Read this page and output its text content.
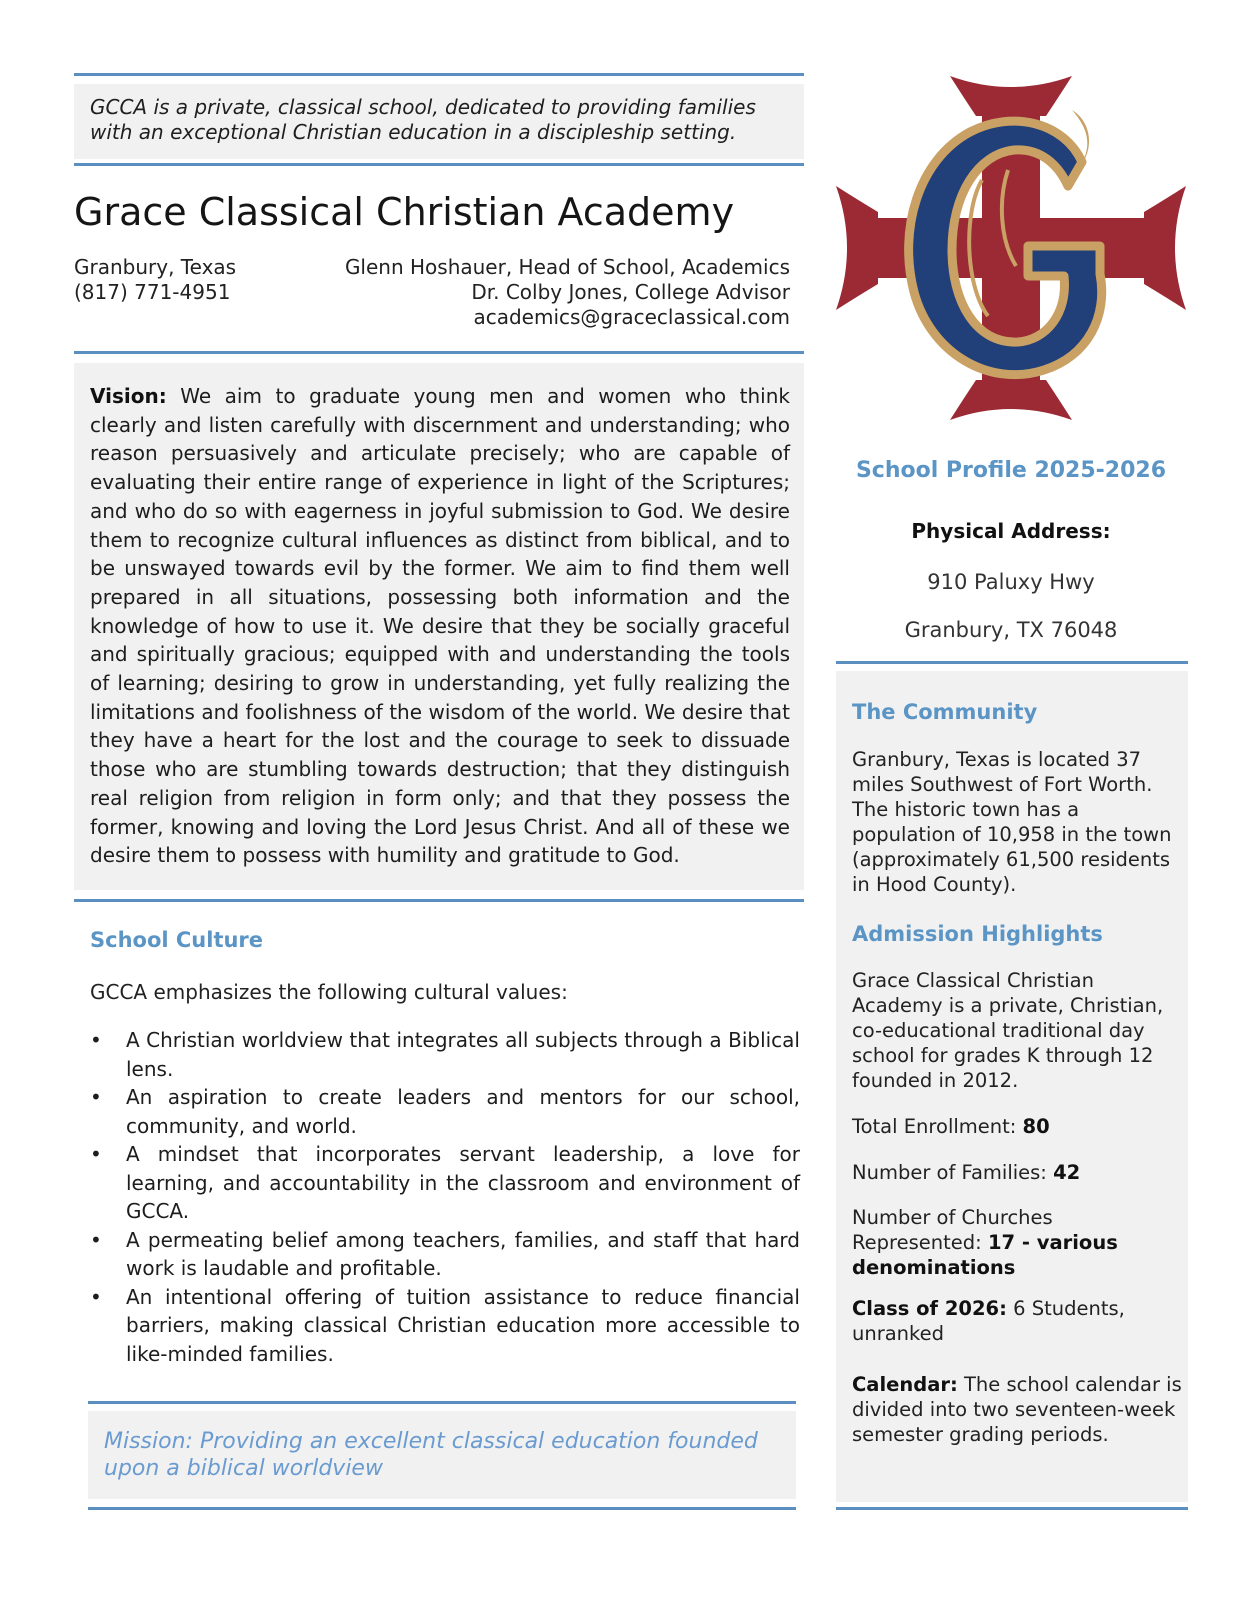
GCCA is a private, classical school, dedicated to providing families with an exceptional Christian education in a discipleship setting.
Grace Classical Christian Academy
Granbury, Texas
(817) 771-4951
Glenn Hoshauer, Head of School, Academics
Dr. Colby Jones, College Advisor
academics@graceclassical.com
Vision: We aim to graduate young men and women who think clearly and listen carefully with discernment and understanding; who reason persuasively and articulate precisely; who are capable of evaluating their entire range of experience in light of the Scriptures; and who do so with eagerness in joyful submission to God. We desire them to recognize cultural influences as distinct from biblical, and to be unswayed towards evil by the former. We aim to find them well prepared in all situations, possessing both information and the knowledge of how to use it. We desire that they be socially graceful and spiritually gracious; equipped with and understanding the tools of learning; desiring to grow in understanding, yet fully realizing the limitations and foolishness of the wisdom of the world. We desire that they have a heart for the lost and the courage to seek to dissuade those who are stumbling towards destruction; that they distinguish real religion from religion in form only; and that they possess the former, knowing and loving the Lord Jesus Christ. And all of these we desire them to possess with humility and gratitude to God.
School Culture
GCCA emphasizes the following cultural values:
• A Christian worldview that integrates all subjects through a Biblical lens.
• An aspiration to create leaders and mentors for our school, community, and world.
• A mindset that incorporates servant leadership, a love for learning, and accountability in the classroom and environment of GCCA.
• A permeating belief among teachers, families, and staff that hard work is laudable and profitable.
• An intentional offering of tuition assistance to reduce financial barriers, making classical Christian education more accessible to like-minded families.
Mission: Providing an excellent classical education founded upon a biblical worldview
School Profile 2025-2026
Physical Address:
910 Paluxy Hwy
Granbury, TX 76048
The Community
Granbury, Texas is located 37 miles Southwest of Fort Worth. The historic town has a population of 10,958 in the town (approximately 61,500 residents in Hood County).
Admission Highlights
Grace Classical Christian Academy is a private, Christian, co-educational traditional day school for grades K through 12 founded in 2012.
Total Enrollment: 80
Number of Families: 42
Number of Churches Represented: 17 - various denominations
Class of 2026: 6 Students, unranked
Calendar: The school calendar is divided into two seventeen-week semester grading periods.
